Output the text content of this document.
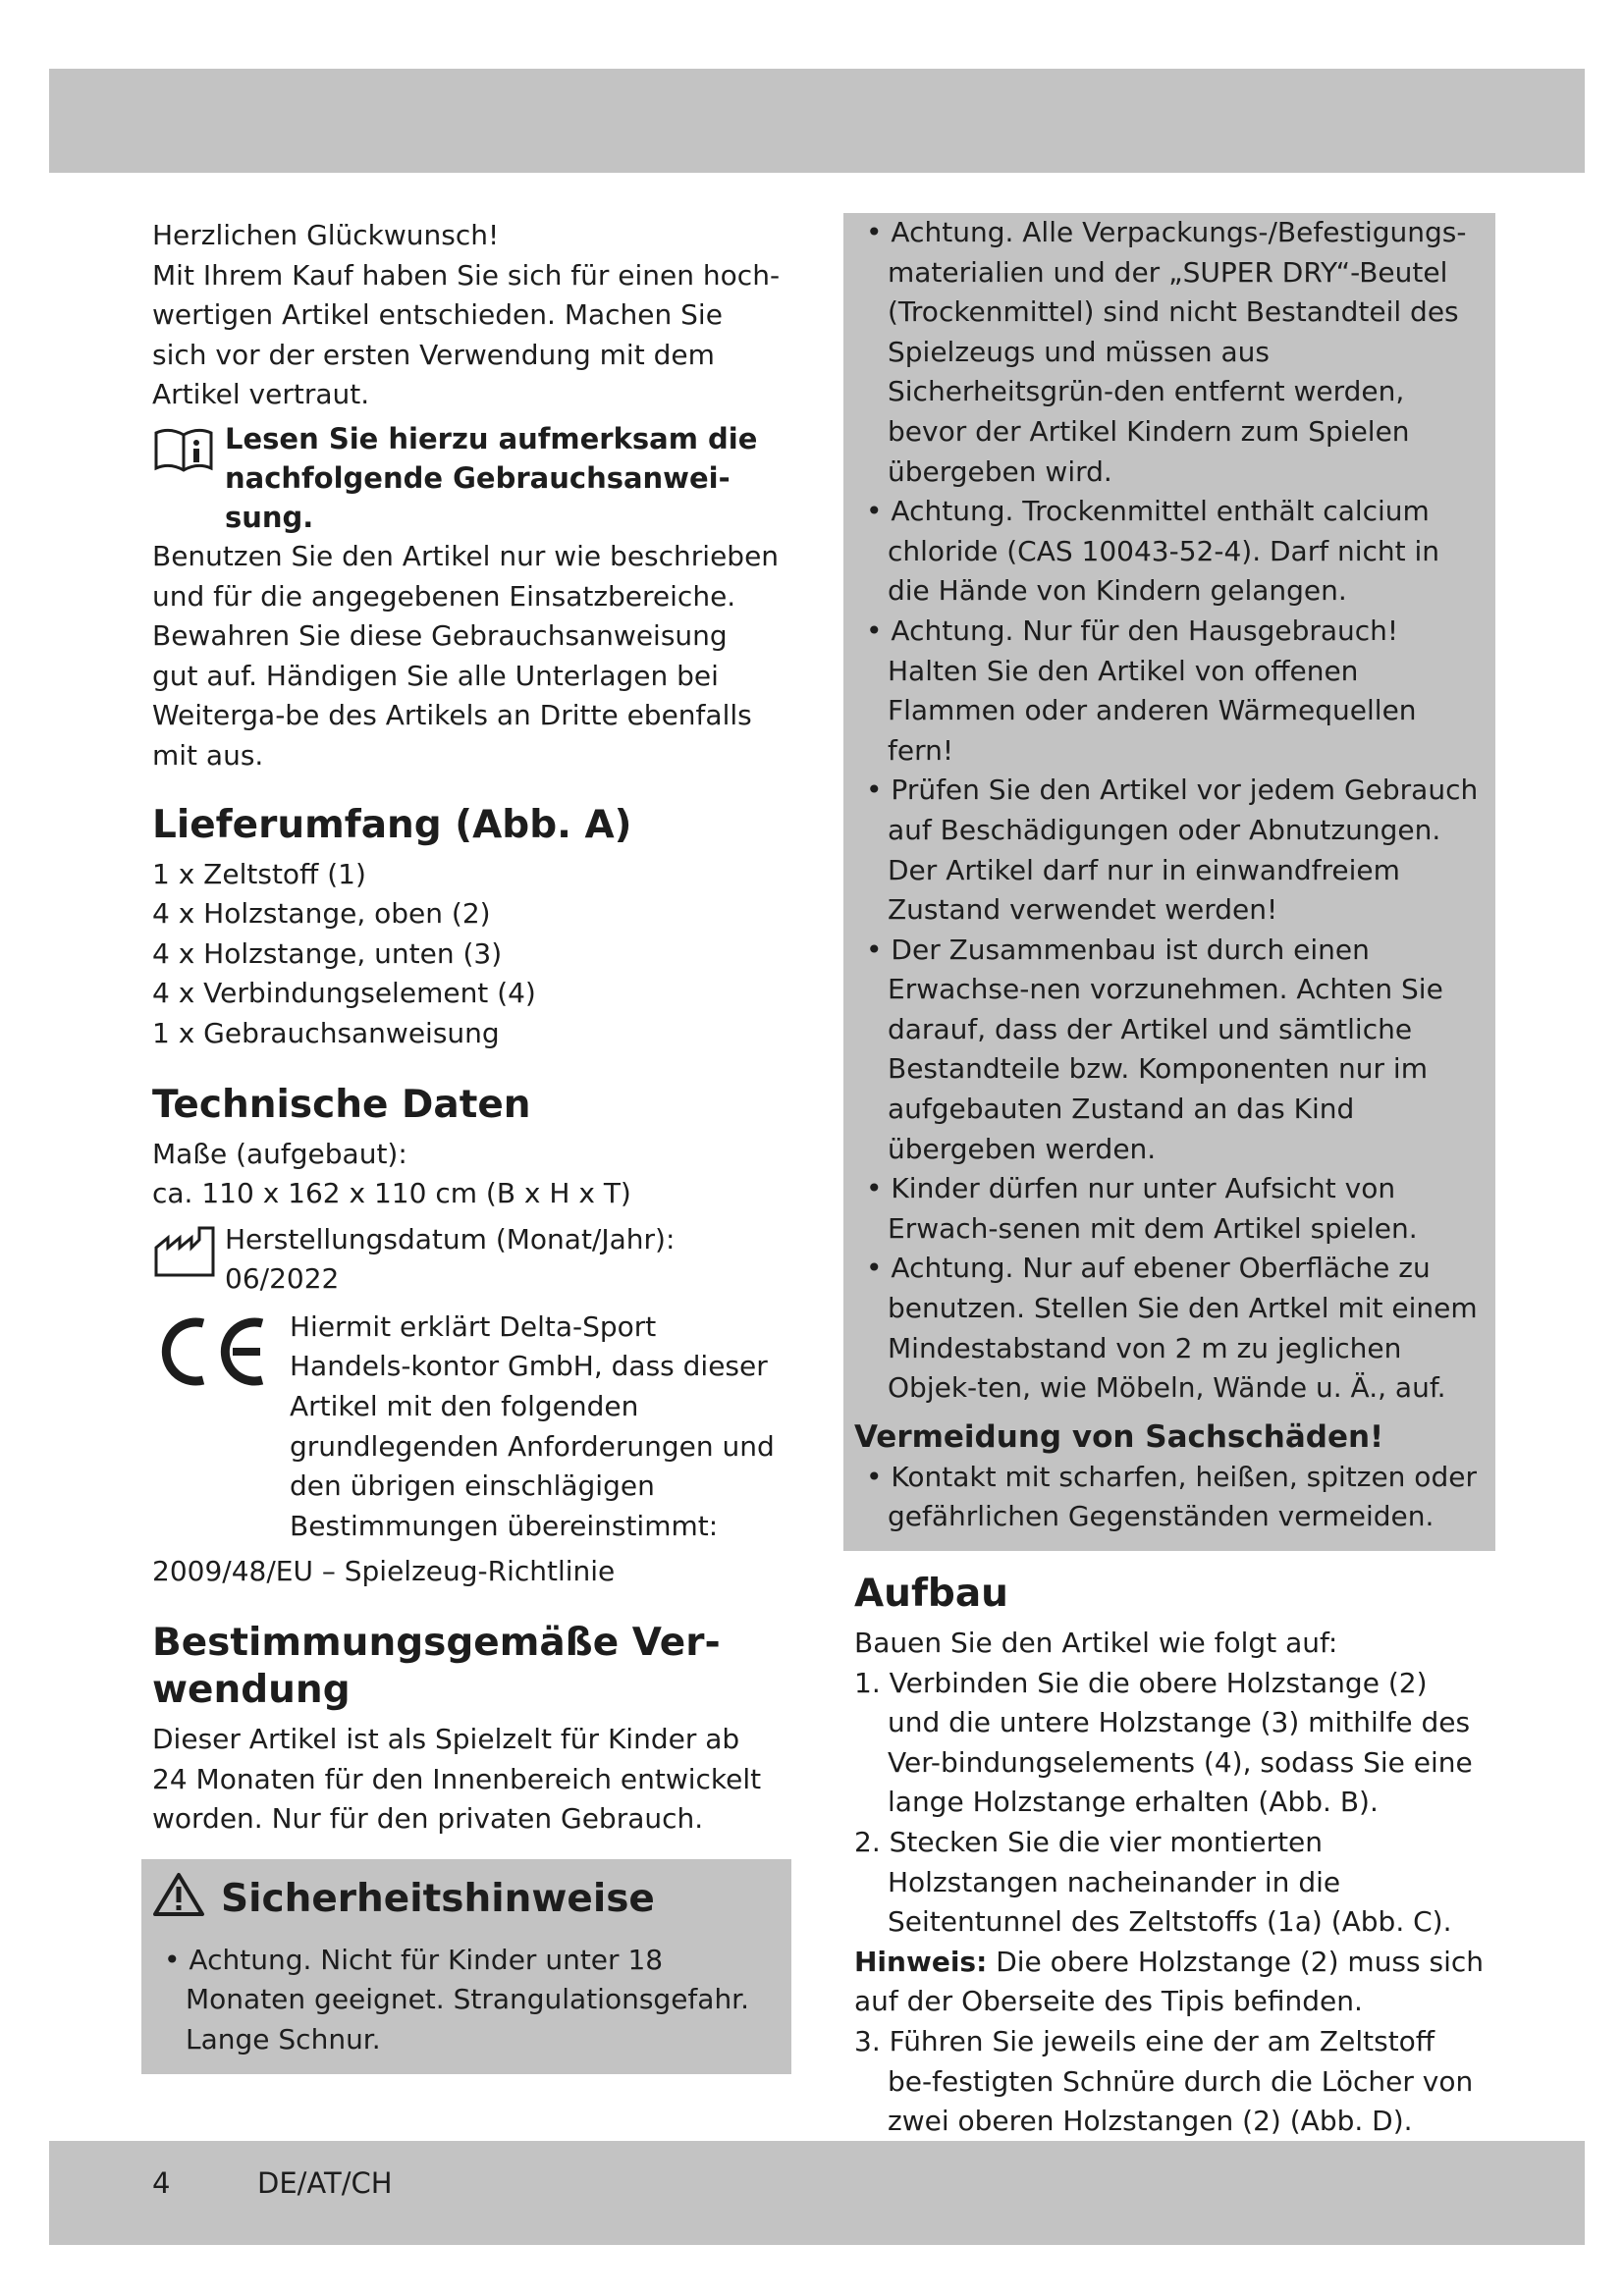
Herzlichen Glückwunsch!

Mit Ihrem Kauf haben Sie sich für einen hoch-wertigen Artikel entschieden. Machen Sie sich vor der ersten Verwendung mit dem Artikel vertraut.

Lesen Sie hierzu aufmerksam die nachfolgende Gebrauchsanwei-sung.

Benutzen Sie den Artikel nur wie beschrieben und für die angegebenen Einsatzbereiche. Bewahren Sie diese Gebrauchsanweisung gut auf. Händigen Sie alle Unterlagen bei Weiterga-be des Artikels an Dritte ebenfalls mit aus.

Lieferumfang (Abb. A)

1 x Zeltstoff (1)

4 x Holzstange, oben (2)

4 x Holzstange, unten (3)

4 x Verbindungselement (4)

1 x Gebrauchsanweisung

Technische Daten

Maße (aufgebaut):

ca. 110 x 162 x 110 cm (B x H x T)

Herstellungsdatum (Monat/Jahr):

06/2022

Hiermit erklärt Delta-Sport Handels-kontor GmbH, dass dieser Artikel mit den folgenden grundlegenden Anforderungen und den übrigen einschlägigen Bestimmungen übereinstimmt:

2009/48/EU – Spielzeug-Richtlinie

Bestimmungsgemäße Ver-wendung

Dieser Artikel ist als Spielzelt für Kinder ab 24 Monaten für den Innenbereich entwickelt worden. Nur für den privaten Gebrauch.

Sicherheitshinweise

• Achtung. Nicht für Kinder unter 18 Monaten geeignet. Strangulationsgefahr. Lange Schnur.

• Achtung. Alle Verpackungs-/Befestigungs-materialien und der „SUPER DRY“-Beutel (Trockenmittel) sind nicht Bestandteil des Spielzeugs und müssen aus Sicherheitsgrün-den entfernt werden, bevor der Artikel Kindern zum Spielen übergeben wird.

• Achtung. Trockenmittel enthält calcium chloride (CAS 10043-52-4). Darf nicht in die Hände von Kindern gelangen.

• Achtung. Nur für den Hausgebrauch! Halten Sie den Artikel von offenen Flammen oder anderen Wärmequellen fern!

• Prüfen Sie den Artikel vor jedem Gebrauch auf Beschädigungen oder Abnutzungen. Der Artikel darf nur in einwandfreiem Zustand verwendet werden!

• Der Zusammenbau ist durch einen Erwachse-nen vorzunehmen. Achten Sie darauf, dass der Artikel und sämtliche Bestandteile bzw. Komponenten nur im aufgebauten Zustand an das Kind übergeben werden.

• Kinder dürfen nur unter Aufsicht von Erwach-senen mit dem Artikel spielen.

• Achtung. Nur auf ebener Oberfläche zu benutzen. Stellen Sie den Artkel mit einem Mindestabstand von 2 m zu jeglichen Objek-ten, wie Möbeln, Wände u. Ä., auf.

Vermeidung von Sachschäden!

• Kontakt mit scharfen, heißen, spitzen oder gefährlichen Gegenständen vermeiden.

Aufbau

Bauen Sie den Artikel wie folgt auf:

1. Verbinden Sie die obere Holzstange (2) und die untere Holzstange (3) mithilfe des Ver-bindungselements (4), sodass Sie eine lange Holzstange erhalten (Abb. B).

2. Stecken Sie die vier montierten Holzstangen nacheinander in die Seitentunnel des Zeltstoffs (1a) (Abb. C).

Hinweis: Die obere Holzstange (2) muss sich auf der Oberseite des Tipis befinden.

3. Führen Sie jeweils eine der am Zeltstoff be-festigten Schnüre durch die Löcher von zwei oberen Holzstangen (2) (Abb. D).

4	DE/AT/CH
